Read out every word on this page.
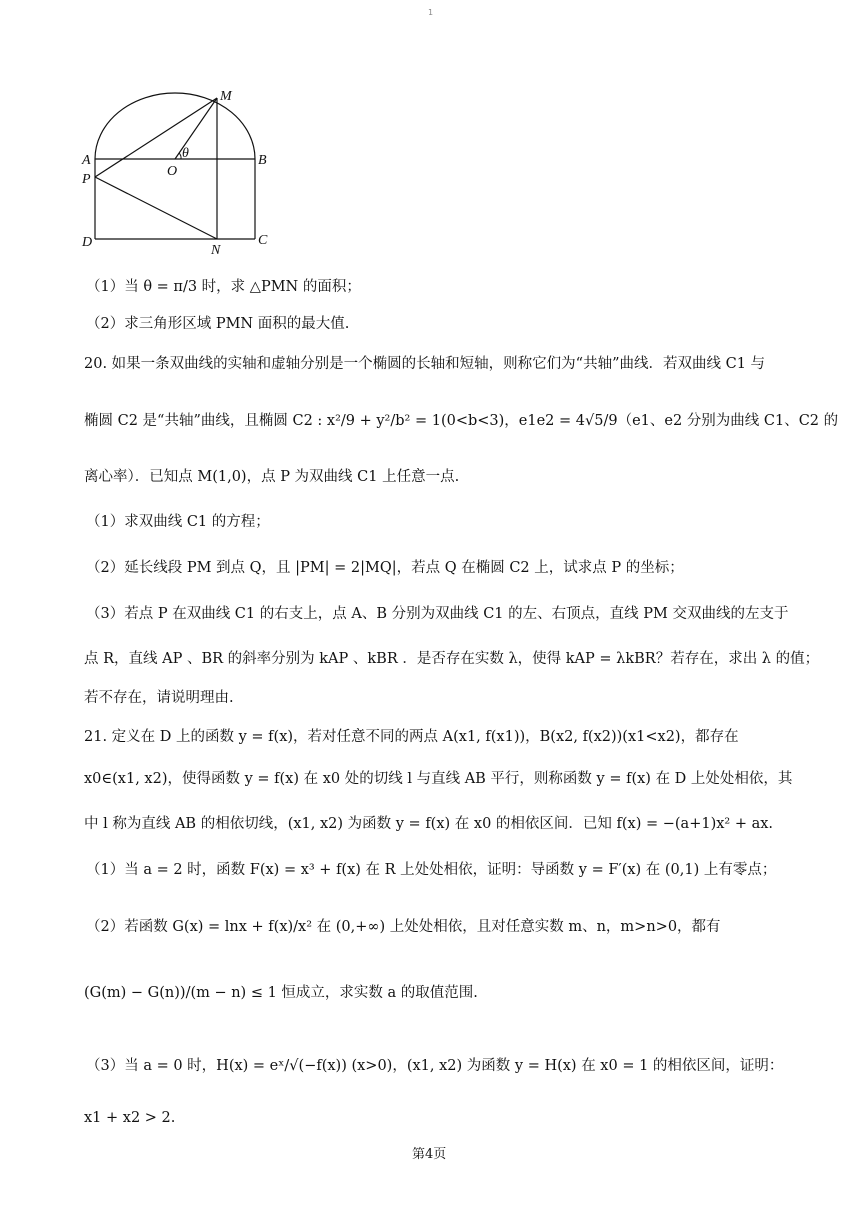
1
M
A	B
O
θ
P
D
N
C
（1）当 θ = π/3 时，求 △PMN 的面积；
（2）求三角形区域 PMN 面积的最大值.
20. 如果一条双曲线的实轴和虚轴分别是一个椭圆的长轴和短轴，则称它们为“共轴”曲线．若双曲线 C1 与
椭圆 C2 是“共轴”曲线，且椭圆 C2 : x²/9 + y²/b² = 1(0<b<3)，e1e2 = 4√5/9（e1、e2 分别为曲线 C1、C2 的
离心率）．已知点 M(1,0)，点 P 为双曲线 C1 上任意一点.
（1）求双曲线 C1 的方程；
（2）延长线段 PM 到点 Q，且 |PM| = 2|MQ|，若点 Q 在椭圆 C2 上，试求点 P 的坐标；
（3）若点 P 在双曲线 C1 的右支上，点 A、B 分别为双曲线 C1 的左、右顶点，直线 PM 交双曲线的左支于
点 R，直线 AP 、BR 的斜率分别为 kAP 、kBR ．是否存在实数 λ，使得 kAP = λkBR？若存在，求出 λ 的值；
若不存在，请说明理由.
21. 定义在 D 上的函数 y = f(x)，若对任意不同的两点 A(x1, f(x1))，B(x2, f(x2))(x1<x2)，都存在
x0∈(x1, x2)，使得函数 y = f(x) 在 x0 处的切线 l 与直线 AB 平行，则称函数 y = f(x) 在 D 上处处相依，其
中 l 称为直线 AB 的相依切线，(x1, x2) 为函数 y = f(x) 在 x0 的相依区间．已知 f(x) = −(a+1)x² + ax.
（1）当 a = 2 时，函数 F(x) = x³ + f(x) 在 R 上处处相依，证明：导函数 y = F′(x) 在 (0,1) 上有零点；
（2）若函数 G(x) = lnx + f(x)/x² 在 (0,+∞) 上处处相依，且对任意实数 m、n，m>n>0，都有
(G(m) − G(n))/(m − n) ≤ 1 恒成立，求实数 a 的取值范围.
（3）当 a = 0 时，H(x) = eˣ/√(−f(x)) (x>0)，(x1, x2) 为函数 y = H(x) 在 x0 = 1 的相依区间，证明：
x1 + x2 > 2.
第4页
